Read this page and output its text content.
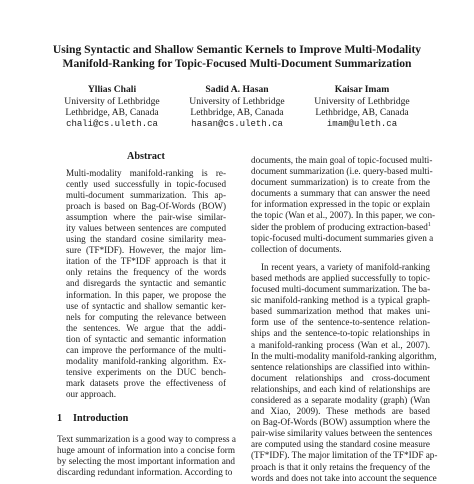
Using Syntactic and Shallow Semantic Kernels to Improve Multi-Modality
Manifold-Ranking for Topic-Focused Multi-Document Summarization
Yllias Chali
University of Lethbridge
Lethbridge, AB, Canada
chali@cs.uleth.ca
Sadid A. Hasan
University of Lethbridge
Lethbridge, AB, Canada
hasan@cs.uleth.ca
Kaisar Imam
University of Lethbridge
Lethbridge, AB, Canada
imam@uleth.ca
Abstract
Multi-modality manifold-ranking is re-
cently used successfully in topic-focused
multi-document summarization. This ap-
proach is based on Bag-Of-Words (BOW)
assumption where the pair-wise similar-
ity values between sentences are computed
using the standard cosine similarity mea-
sure (TF*IDF). However, the major lim-
itation of the TF*IDF approach is that it
only retains the frequency of the words
and disregards the syntactic and semantic
information. In this paper, we propose the
use of syntactic and shallow semantic ker-
nels for computing the relevance between
the sentences. We argue that the addi-
tion of syntactic and semantic information
can improve the performance of the multi-
modality manifold-ranking algorithm. Ex-
tensive experiments on the DUC bench-
mark datasets prove the effectiveness of
our approach.
1 Introduction
Text summarization is a good way to compress a
huge amount of information into a concise form
by selecting the most important information and
discarding redundant information. According to
documents, the main goal of topic-focused multi-
document summarization (i.e. query-based multi-
document summarization) is to create from the
documents a summary that can answer the need
for information expressed in the topic or explain
the topic (Wan et al., 2007). In this paper, we con-
sider the problem of producing extraction-based$^1$
topic-focused multi-document summaries given a
collection of documents.
In recent years, a variety of manifold-ranking
based methods are applied successfully to topic-
focused multi-document summarization. The ba-
sic manifold-ranking method is a typical graph-
based summarization method that makes uni-
form use of the sentence-to-sentence relation-
ships and the sentence-to-topic relationships in
a manifold-ranking process (Wan et al., 2007).
In the multi-modality manifold-ranking algorithm,
sentence relationships are classified into within-
document relationships and cross-document
relationships, and each kind of relationships are
considered as a separate modality (graph) (Wan
and Xiao, 2009). These methods are based
on Bag-Of-Words (BOW) assumption where the
pair-wise similarity values between the sentences
are computed using the standard cosine measure
(TF*IDF). The major limitation of the TF*IDF ap-
proach is that it only retains the frequency of the
words and does not take into account the sequence
